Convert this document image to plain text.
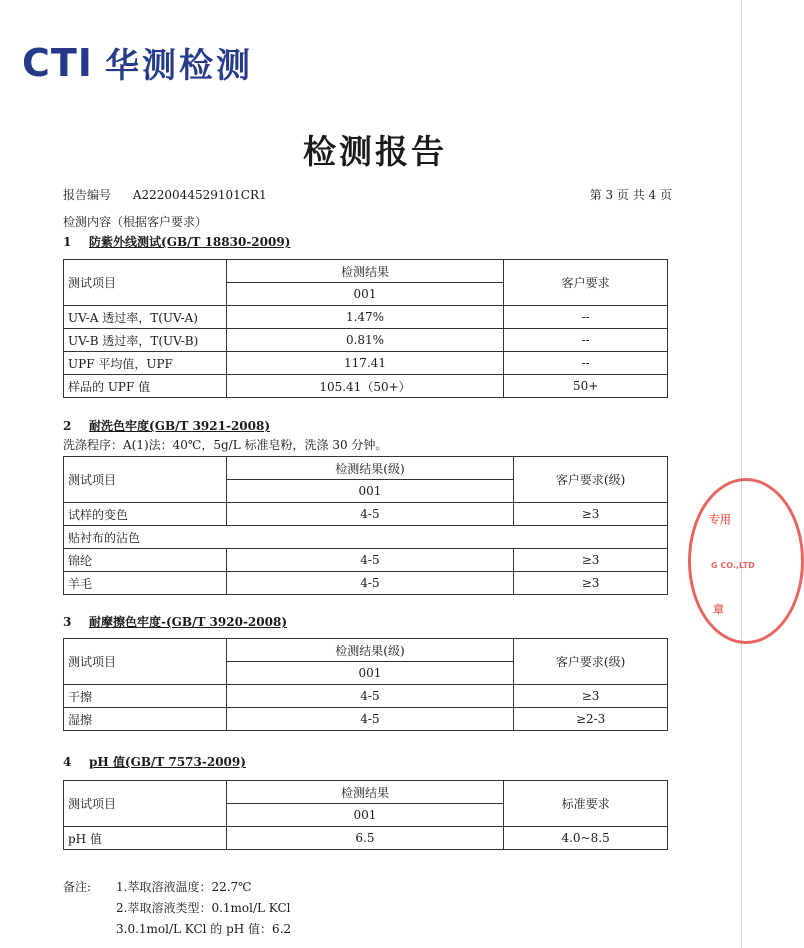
CTI 华测检测
检测报告
报告编号 A2220044529101CR1	第 3 页 共 4 页
检测内容（根据客户要求）
1 防紫外线测试(GB/T 18830-2009)
测试项目	检测结果	客户要求
	001	
UV-A 透过率，T(UV-A)	1.47%	--
UV-B 透过率，T(UV-B)	0.81%	--
UPF 平均值，UPF	117.41	--
样品的 UPF 值	105.41（50+）	50+
2 耐洗色牢度(GB/T 3921-2008)
洗涤程序：A(1)法：40℃，5g/L 标准皂粉，洗涤 30 分钟。
测试项目	检测结果(级)	客户要求(级)
	001	
试样的变色	4-5	≥3
贴衬布的沾色		
锦纶	4-5	≥3
羊毛	4-5	≥3
3 耐摩擦色牢度-(GB/T 3920-2008)
测试项目	检测结果(级)	客户要求(级)
	001	
干擦	4-5	≥3
湿擦	4-5	≥2-3
4 pH 值(GB/T 7573-2009)
测试项目	检测结果	标准要求
	001	
pH 值	6.5	4.0~8.5
备注: 1.萃取溶液温度：22.7℃
2.萃取溶液类型：0.1mol/L KCl
3.0.1mol/L KCl 的 pH 值：6.2
专用
G CO.,LTD
章
